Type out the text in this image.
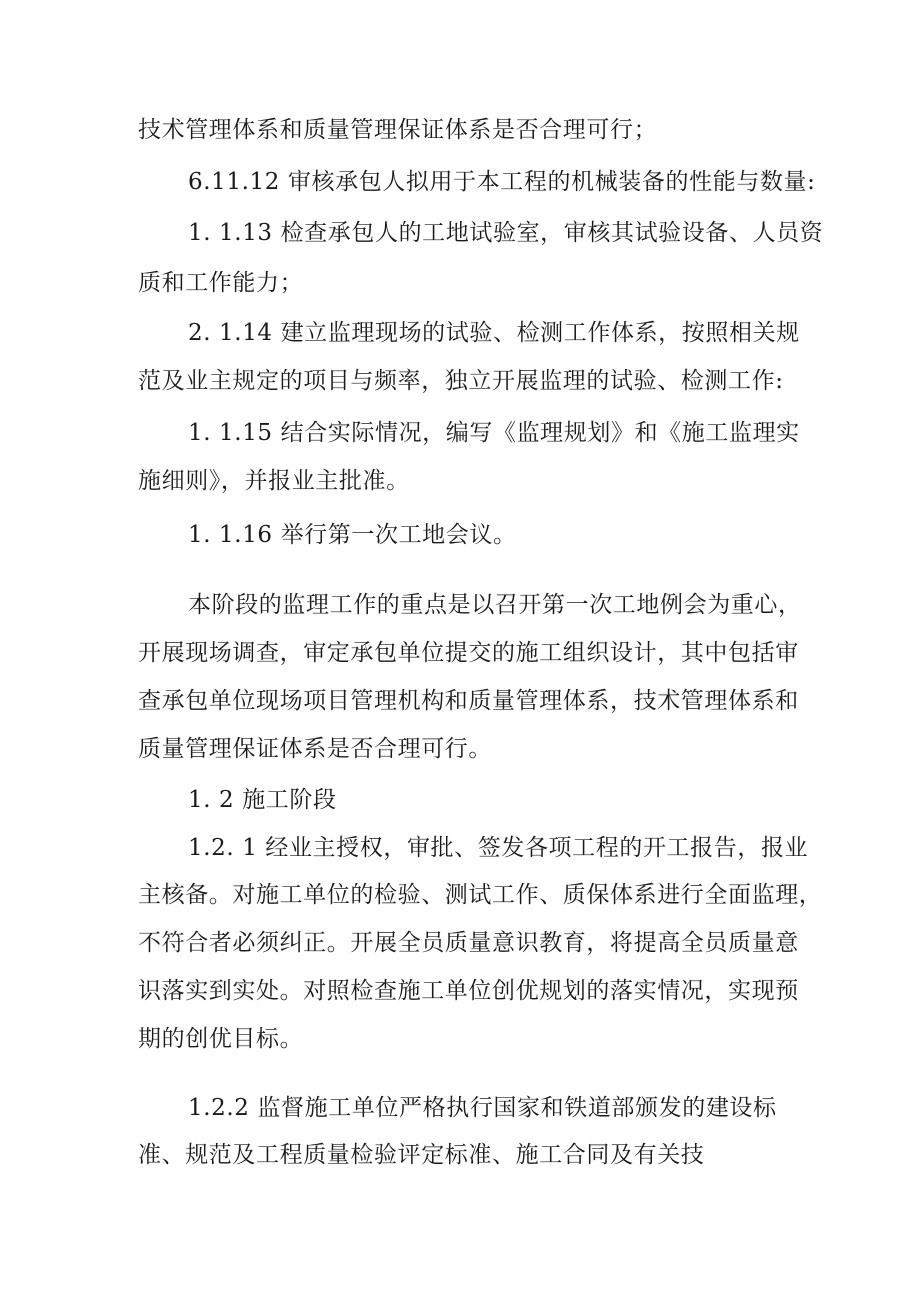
技术管理体系和质量管理保证体系是否合理可行；
6.11.12 审核承包人拟用于本工程的机械装备的性能与数量:
1. 1.13 检查承包人的工地试验室，审核其试验设备、人员资
质和工作能力；
2. 1.14 建立监理现场的试验、检测工作体系，按照相关规
范及业主规定的项目与频率，独立开展监理的试验、检测工作:
1. 1.15 结合实际情况，编写《监理规划》和《施工监理实
施细则》，并报业主批准。
1. 1.16 举行第一次工地会议。
本阶段的监理工作的重点是以召开第一次工地例会为重心，
开展现场调查，审定承包单位提交的施工组织设计，其中包括审
查承包单位现场项目管理机构和质量管理体系，技术管理体系和
质量管理保证体系是否合理可行。
1. 2 施工阶段
1.2. 1 经业主授权，审批、签发各项工程的开工报告，报业
主核备。对施工单位的检验、测试工作、质保体系进行全面监理，
不符合者必须纠正。开展全员质量意识教育，将提高全员质量意
识落实到实处。对照检查施工单位创优规划的落实情况，实现预
期的创优目标。
1.2.2 监督施工单位严格执行国家和铁道部颁发的建设标
准、规范及工程质量检验评定标准、施工合同及有关技
